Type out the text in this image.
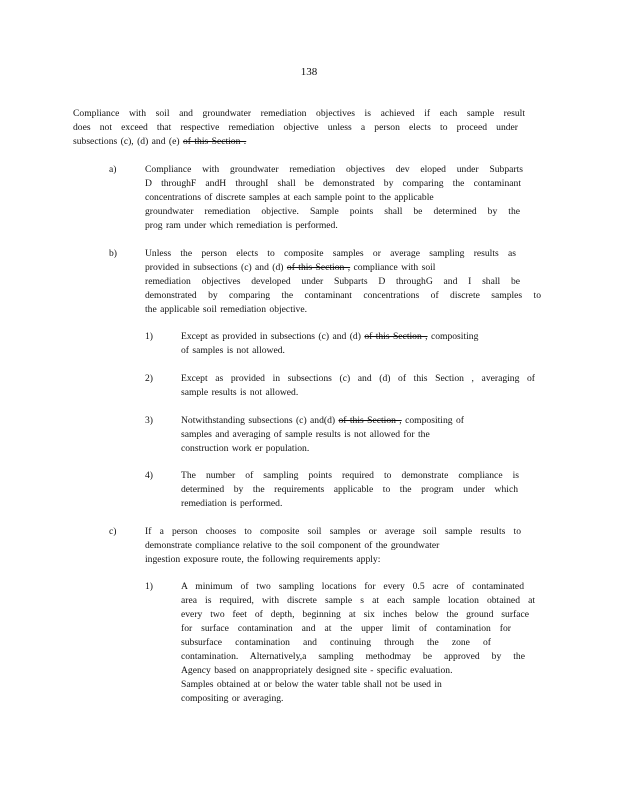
138
Compliance with soil and groundwater remediation objectives is achieved if each sample result
does not exceed that respective remediation objective unless a person elects to proceed under
subsections (c), (d) and (e) of this Section .
a)	Compliance with groundwater remediation objectives dev eloped under Subparts
D throughF andH throughI shall be demonstrated by comparing the contaminant
concentrations of discrete samples at each sample point to the applicable
groundwater remediation objective. Sample points shall be determined by the
prog ram under which remediation is performed.
b)	Unless the person elects to composite samples or average sampling results as
provided in subsections (c) and (d) of this Section , compliance with soil
remediation objectives developed under Subparts D throughG and I shall be
demonstrated by comparing the contaminant concentrations of discrete samples to
the applicable soil remediation objective.
1)	Except as provided in subsections (c) and (d) of this Section , compositing
of samples is not allowed.
2)	Except as provided in subsections (c) and (d) of this Section , averaging of
sample results is not allowed.
3)	Notwithstanding subsections (c) and(d) of this Section , compositing of
samples and averaging of sample results is not allowed for the
construction work er population.
4)	The number of sampling points required to demonstrate compliance is
determined by the requirements applicable to the program under which
remediation is performed.
c)	If a person chooses to composite soil samples or average soil sample results to
demonstrate compliance relative to the soil component of the groundwater
ingestion exposure route, the following requirements apply:
1)	A minimum of two sampling locations for every 0.5 acre of contaminated
area is required, with discrete sample s at each sample location obtained at
every two feet of depth, beginning at six inches below the ground surface
for surface contamination and at the upper limit of contamination for
subsurface contamination and continuing through the zone of
contamination. Alternatively,a sampling methodmay be approved by the
Agency based on anappropriately designed site - specific evaluation.
Samples obtained at or below the water table shall not be used in
compositing or averaging.
